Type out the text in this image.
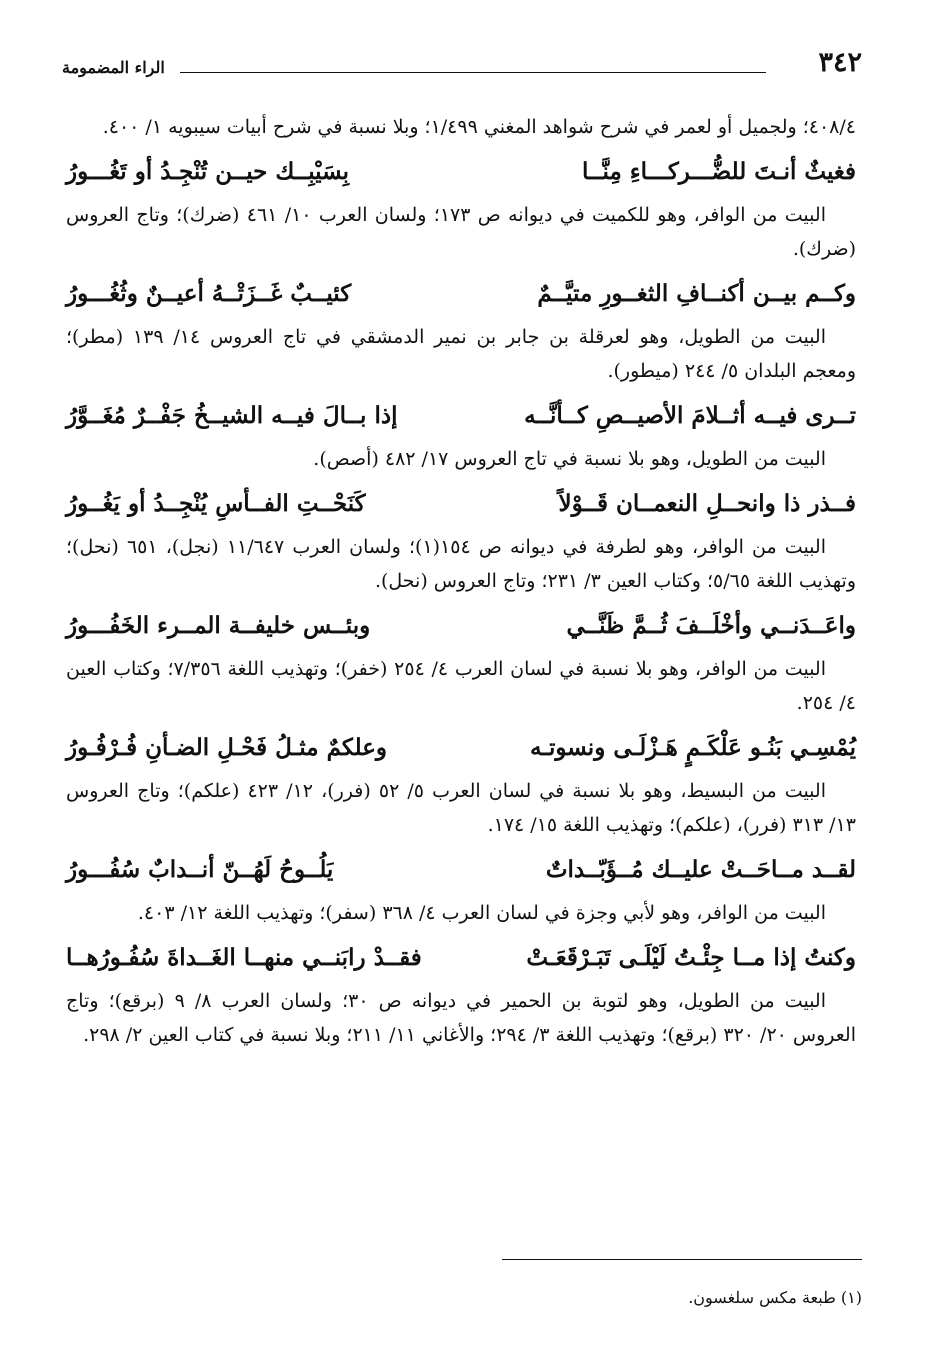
٣٤٢
الراء المضمومة

٤٠٨/٤؛ ولجميل أو لعمر في شرح شواهد المغني ١/٤٩٩؛ وبلا نسبة في شرح أبيات سيبويه ١/ ٤٠٠.

فغيثٌ أنـتَ للضُّـــركـــاءِ مِنَّــا
بِسَيْبِــك حيــن تُنْجِـدُ أو تَغُـــورُ

البيت من الوافر، وهو للكميت في ديوانه ص ١٧٣؛ ولسان العرب ١٠/ ٤٦١ (ضرك)؛ وتاج العروس (ضرك).

وكــم بيــن أكنــافِ الثغــورِ متيَّــمٌ
كئيــبٌ غَــزَتْــهُ أعيــنٌ وثُغُـــورُ

البيت من الطويل، وهو لعرقلة بن جابر بن نمير الدمشقي في تاج العروس ١٤/ ١٣٩ (مطر)؛ ومعجم البلدان ٥/ ٢٤٤ (ميطور).

تــرى فيــه أثــلامَ الأصيــصِ كــأنَّــه
إذا بــالَ فيــه الشيــخُ جَفْــرٌ مُغَــوَّرُ

البيت من الطويل، وهو بلا نسبة في تاج العروس ١٧/ ٤٨٢ (أصص).

فــذر ذا وانحــلِ النعمــان قَــوْلاً
كَنَحْــتِ الفــأسِ يُنْجِــدُ أو يَغُــورُ

البيت من الوافر، وهو لطرفة في ديوانه ص ١٥٤(١)؛ ولسان العرب ١١/٦٤٧ (نجل)، ٦٥١ (نحل)؛ وتهذيب اللغة ٥/٦٥؛ وكتاب العين ٣/ ٢٣١؛ وتاج العروس (نحل).

واعَــدَنــي وأخْلَــفَ ثُــمَّ ظَنَّــي
وبئــس خليفــة المــرء الخَفُـــورُ

البيت من الوافر، وهو بلا نسبة في لسان العرب ٤/ ٢٥٤ (خفر)؛ وتهذيب اللغة ٧/٣٥٦؛ وكتاب العين ٤/ ٢٥٤.

يُمْسِـي بَنُـو عَلْكَـمٍ هَـزْلَـى ونسوتـه
وعلكمٌ مثـلُ فَحْـلِ الضـأنِ فُـرْفُـورُ

البيت من البسيط، وهو بلا نسبة في لسان العرب ٥/ ٥٢ (فرر)، ١٢/ ٤٢٣ (علكم)؛ وتاج العروس ١٣/ ٣١٣ (فرر)، (علكم)؛ وتهذيب اللغة ١٥/ ١٧٤.

لقــد مــاحَــتْ عليــك مُــؤَبّــداتٌ
يَلُــوحُ لَهُــنّ أنــدابٌ سُفُـــورُ

البيت من الوافر، وهو لأبي وجزة في لسان العرب ٤/ ٣٦٨ (سفر)؛ وتهذيب اللغة ١٢/ ٤٠٣.

وكنتُ إذا مــا جِئْـتُ لَيْلَـى تَبَـرْقَعَـتْ
فقــدْ رابَنــي منهــا الغَــداةَ سُفُـورُهــا

البيت من الطويل، وهو لتوبة بن الحمير في ديوانه ص ٣٠؛ ولسان العرب ٨/ ٩ (برقع)؛ وتاج العروس ٢٠/ ٣٢٠ (برقع)؛ وتهذيب اللغة ٣/ ٢٩٤؛ والأغاني ١١/ ٢١١؛ وبلا نسبة في كتاب العين ٢/ ٢٩٨.

(١) طبعة مكس سلغسون.
